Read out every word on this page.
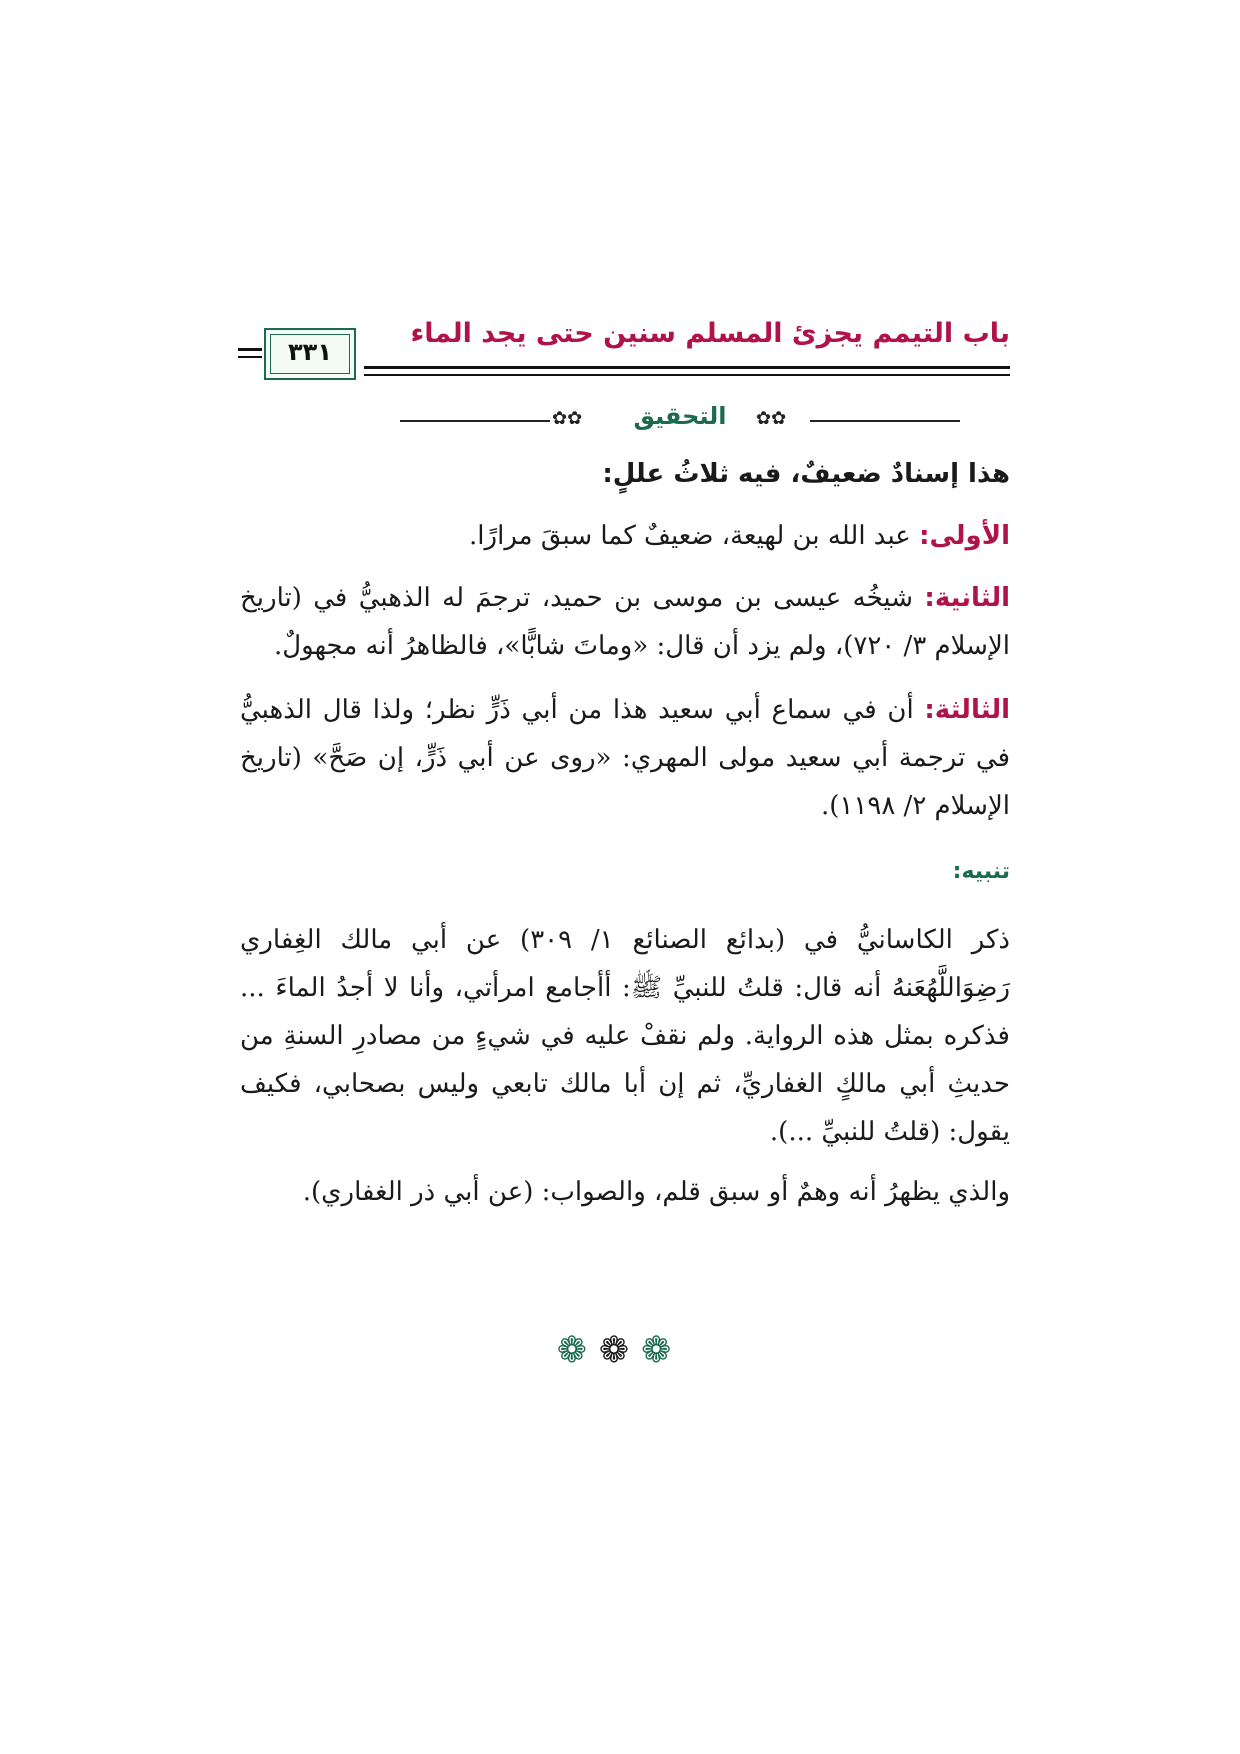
باب التيمم يجزئ المسلم سنين حتى يجد الماء
٣٣١
✿✿	التحقيق	✿✿
هذا إسنادٌ ضعيفٌ، فيه ثلاثُ عللٍ:
الأولى: عبد الله بن لهيعة، ضعيفٌ كما سبقَ مرارًا.
الثانية: شيخُه عيسى بن موسى بن حميد، ترجمَ له الذهبيُّ في (تاريخ الإسلام ٣/ ٧٢٠)، ولم يزد أن قال: «وماتَ شابًّا»، فالظاهرُ أنه مجهولٌ.
الثالثة: أن في سماع أبي سعيد هذا من أبي ذَرٍّ نظر؛ ولذا قال الذهبيُّ في ترجمة أبي سعيد مولى المهري: «روى عن أبي ذَرٍّ، إن صَحَّ» (تاريخ الإسلام ٢/ ١١٩٨).
تنبيه:
ذكر الكاسانيُّ في (بدائع الصنائع ١/ ٣٠٩) عن أبي مالك الغِفاري رَضِوَاللَّهُعَنهُ أنه قال: قلتُ للنبيِّ ﷺ: أأجامع امرأتي، وأنا لا أجدُ الماءَ ... فذكره بمثل هذه الرواية. ولم نقفْ عليه في شيءٍ من مصادرِ السنةِ من حديثِ أبي مالكٍ الغفاريِّ، ثم إن أبا مالك تابعي وليس بصحابي، فكيف يقول: (قلتُ للنبيِّ ...).
والذي يظهرُ أنه وهمٌ أو سبق قلم، والصواب: (عن أبي ذر الغفاري).
❁❁❁
